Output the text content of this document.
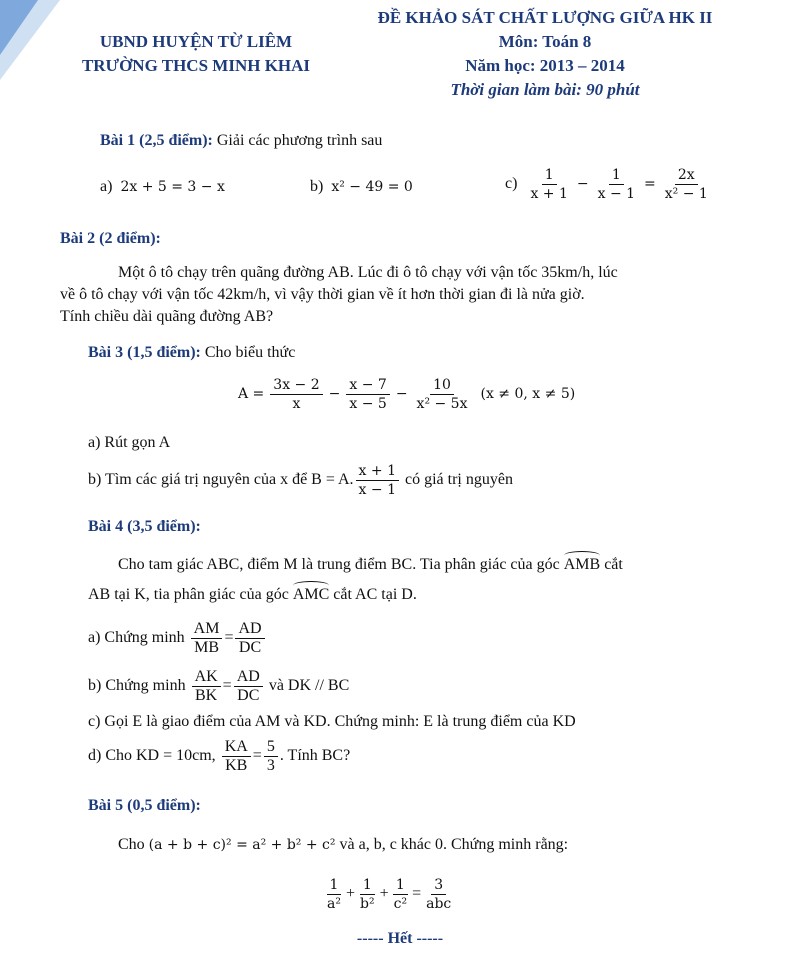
UBND HUYỆN TỪ LIÊM
TRƯỜNG THCS MINH KHAI
ĐỀ KHẢO SÁT CHẤT LƯỢNG GIỮA HK II
Môn: Toán 8
Năm học: 2013 – 2014
Thời gian làm bài: 90 phút
Bài 1 (2,5 điểm): Giải các phương trình sau
a) 2x + 5 = 3 − x	b) x² − 49 = 0	$c) \frac{1}{x + 1} - \frac{1}{x - 1} = \frac{2x}{\text{x² − 1}}$
Bài 2 (2 điểm):
Một ô tô chạy trên quãng đường AB. Lúc đi ô tô chạy với vận tốc 35km/h, lúc
về ô tô chạy với vận tốc 42km/h, vì vậy thời gian về ít hơn thời gian đi là nửa giờ.
Tính chiều dài quãng đường AB?
Bài 3 (1,5 điểm): Cho biểu thức
$A = \frac{3x - 2}{x} - \frac{x - 7}{x - 5} - \frac{10}{\text{x² − 5x}} (x \ne 0$, x ≠ 5)
a) Rút gọn A
b) Tìm các giá trị nguyên của x để B = A. $\frac{x + 1}{x - 1}$ có giá trị nguyên
Bài 4 (3,5 điểm):
Cho tam giác ABC, điểm M là trung điểm BC. Tia phân giác của góc AMB cắt
AB tại K, tia phân giác của góc AMC cắt AC tại D.
a) Chứng minh $\frac{AM}{MB} = \frac{AD}{DC}$
b) Chứng minh $\frac{AK}{BK} = \frac{AD}{DC}$ và DK // BC
c) Gọi E là giao điểm của AM và KD. Chứng minh: E là trung điểm của KD
d) Cho KD = 10cm, $\frac{KA}{KB} = \frac{5}{3}$ . Tính BC?
Bài 5 (0,5 điểm):
Cho (a + b + c)² = a² + b² + c² và a, b, c khác 0. Chứng minh rằng:
$\frac{1}{\text{a²}} + \frac{1}{\text{b²}} + \frac{1}{\text{c²}} = \frac{3}{\text{abc}}$
----- Hết -----
